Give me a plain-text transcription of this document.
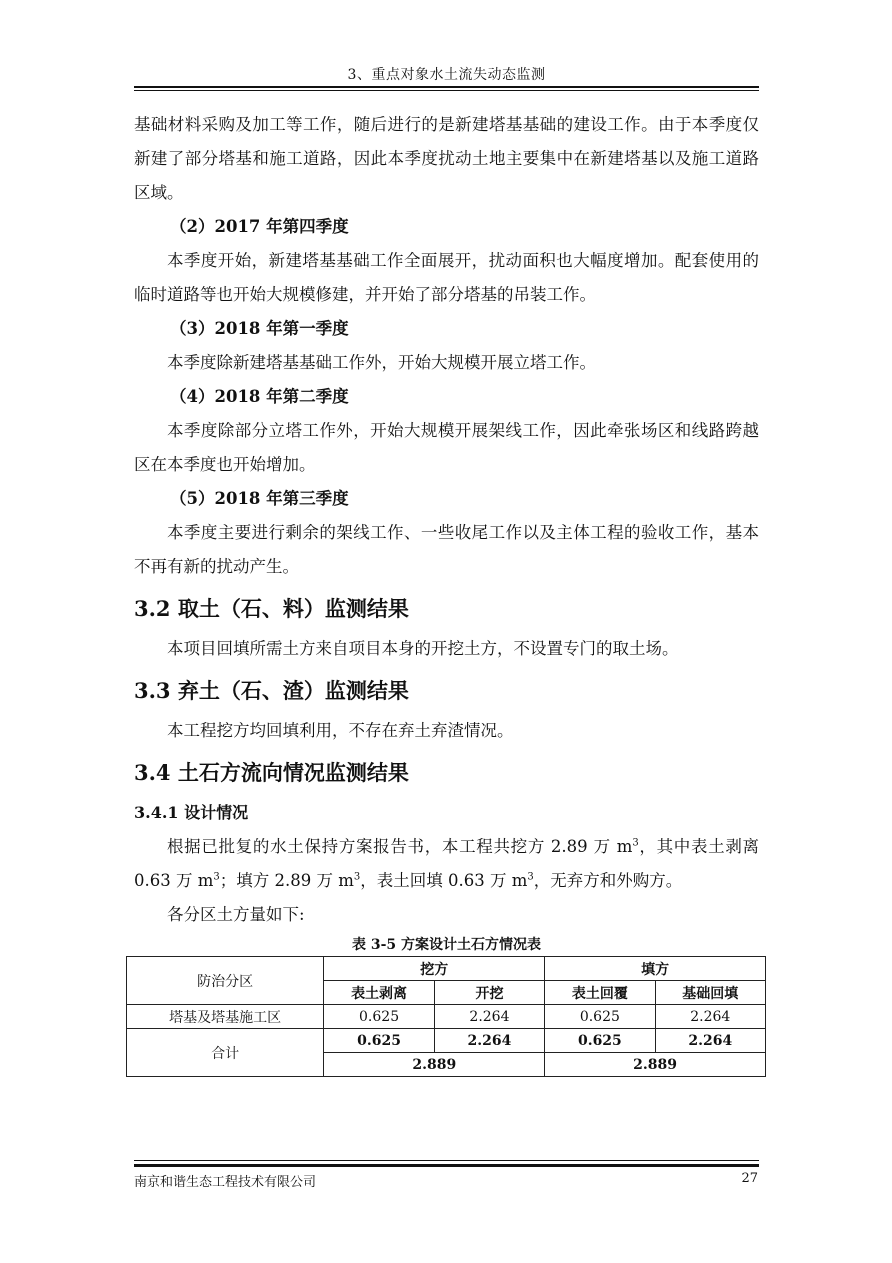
3、重点对象水土流失动态监测

基础材料采购及加工等工作，随后进行的是新建塔基基础的建设工作。由于本季度仅新建了部分塔基和施工道路，因此本季度扰动土地主要集中在新建塔基以及施工道路区域。

（2）2017 年第四季度

本季度开始，新建塔基基础工作全面展开，扰动面积也大幅度增加。配套使用的临时道路等也开始大规模修建，并开始了部分塔基的吊装工作。

（3）2018 年第一季度

本季度除新建塔基基础工作外，开始大规模开展立塔工作。

（4）2018 年第二季度

本季度除部分立塔工作外，开始大规模开展架线工作，因此牵张场区和线路跨越区在本季度也开始增加。

（5）2018 年第三季度

本季度主要进行剩余的架线工作、一些收尾工作以及主体工程的验收工作，基本不再有新的扰动产生。

3.2 取土（石、料）监测结果

本项目回填所需土方来自项目本身的开挖土方，不设置专门的取土场。

3.3 弃土（石、渣）监测结果

本工程挖方均回填利用，不存在弃土弃渣情况。

3.4 土石方流向情况监测结果
3.4.1 设计情况

根据已批复的水土保持方案报告书，本工程共挖方 2.89 万 $m^3$，其中表土剥离 0.63 万 $m^3$；填方 2.89 万 $m^3$，表土回填 0.63 万 $m^3$，无弃方和外购方。

各分区土方量如下:

表 3-5 方案设计土石方情况表
防治分区	挖方		填方	
	表土剥离	开挖	表土回覆	基础回填
塔基及塔基施工区	0.625	2.264	0.625	2.264
合计	0.625	2.264	0.625	2.264
	2.889		2.889	
南京和谐生态工程技术有限公司	27
